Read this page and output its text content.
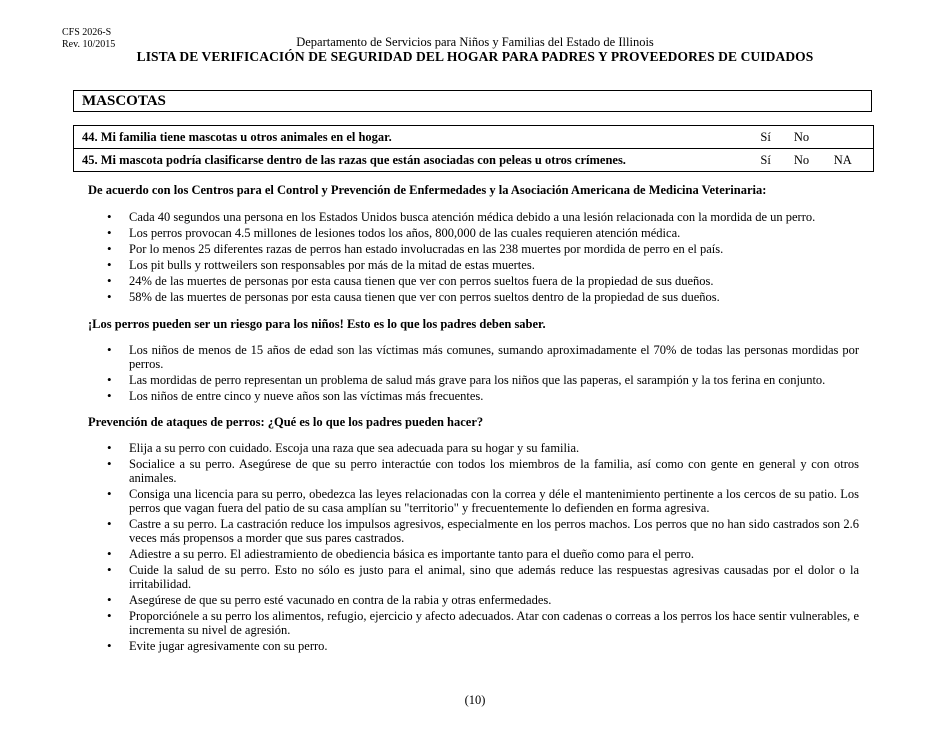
CFS 2026-S
Rev. 10/2015	Departamento de Servicios para Niños y Familias del Estado de Illinois
LISTA DE VERIFICACIÓN DE SEGURIDAD DEL HOGAR PARA PADRES Y PROVEEDORES DE CUIDADOS
MASCOTAS
44. Mi familia tiene mascotas u otros animales en el hogar.	Sí	No	
45. Mi mascota podría clasificarse dentro de las razas que están asociadas con peleas u otros crímenes.	Sí	No	NA
De acuerdo con los Centros para el Control y Prevención de Enfermedades y la Asociación Americana de Medicina Veterinaria:
• Cada 40 segundos una persona en los Estados Unidos busca atención médica debido a una lesión relacionada con la mordida de un perro.
• Los perros provocan 4.5 millones de lesiones todos los años, 800,000 de las cuales requieren atención médica.
• Por lo menos 25 diferentes razas de perros han estado involucradas en las 238 muertes por mordida de perro en el país.
• Los pit bulls y rottweilers son responsables por más de la mitad de estas muertes.
• 24% de las muertes de personas por esta causa tienen que ver con perros sueltos fuera de la propiedad de sus dueños.
• 58% de las muertes de personas por esta causa tienen que ver con perros sueltos dentro de la propiedad de sus dueños.
¡Los perros pueden ser un riesgo para los niños! Esto es lo que los padres deben saber.
• Los niños de menos de 15 años de edad son las víctimas más comunes, sumando aproximadamente el 70% de todas las personas mordidas por perros.
• Las mordidas de perro representan un problema de salud más grave para los niños que las paperas, el sarampión y la tos ferina en conjunto.
• Los niños de entre cinco y nueve años son las víctimas más frecuentes.
Prevención de ataques de perros: ¿Qué es lo que los padres pueden hacer?
• Elija a su perro con cuidado. Escoja una raza que sea adecuada para su hogar y su familia.
• Socialice a su perro. Asegúrese de que su perro interactúe con todos los miembros de la familia, así como con gente en general y con otros animales.
• Consiga una licencia para su perro, obedezca las leyes relacionadas con la correa y déle el mantenimiento pertinente a los cercos de su patio. Los perros que vagan fuera del patio de su casa amplían su "territorio" y frecuentemente lo defienden en forma agresiva.
• Castre a su perro. La castración reduce los impulsos agresivos, especialmente en los perros machos. Los perros que no han sido castrados son 2.6 veces más propensos a morder que sus pares castrados.
• Adiestre a su perro. El adiestramiento de obediencia básica es importante tanto para el dueño como para el perro.
• Cuide la salud de su perro. Esto no sólo es justo para el animal, sino que además reduce las respuestas agresivas causadas por el dolor o la irritabilidad.
• Asegúrese de que su perro esté vacunado en contra de la rabia y otras enfermedades.
• Proporciónele a su perro los alimentos, refugio, ejercicio y afecto adecuados. Atar con cadenas o correas a los perros los hace sentir vulnerables, e incrementa su nivel de agresión.
• Evite jugar agresivamente con su perro.
(10)
